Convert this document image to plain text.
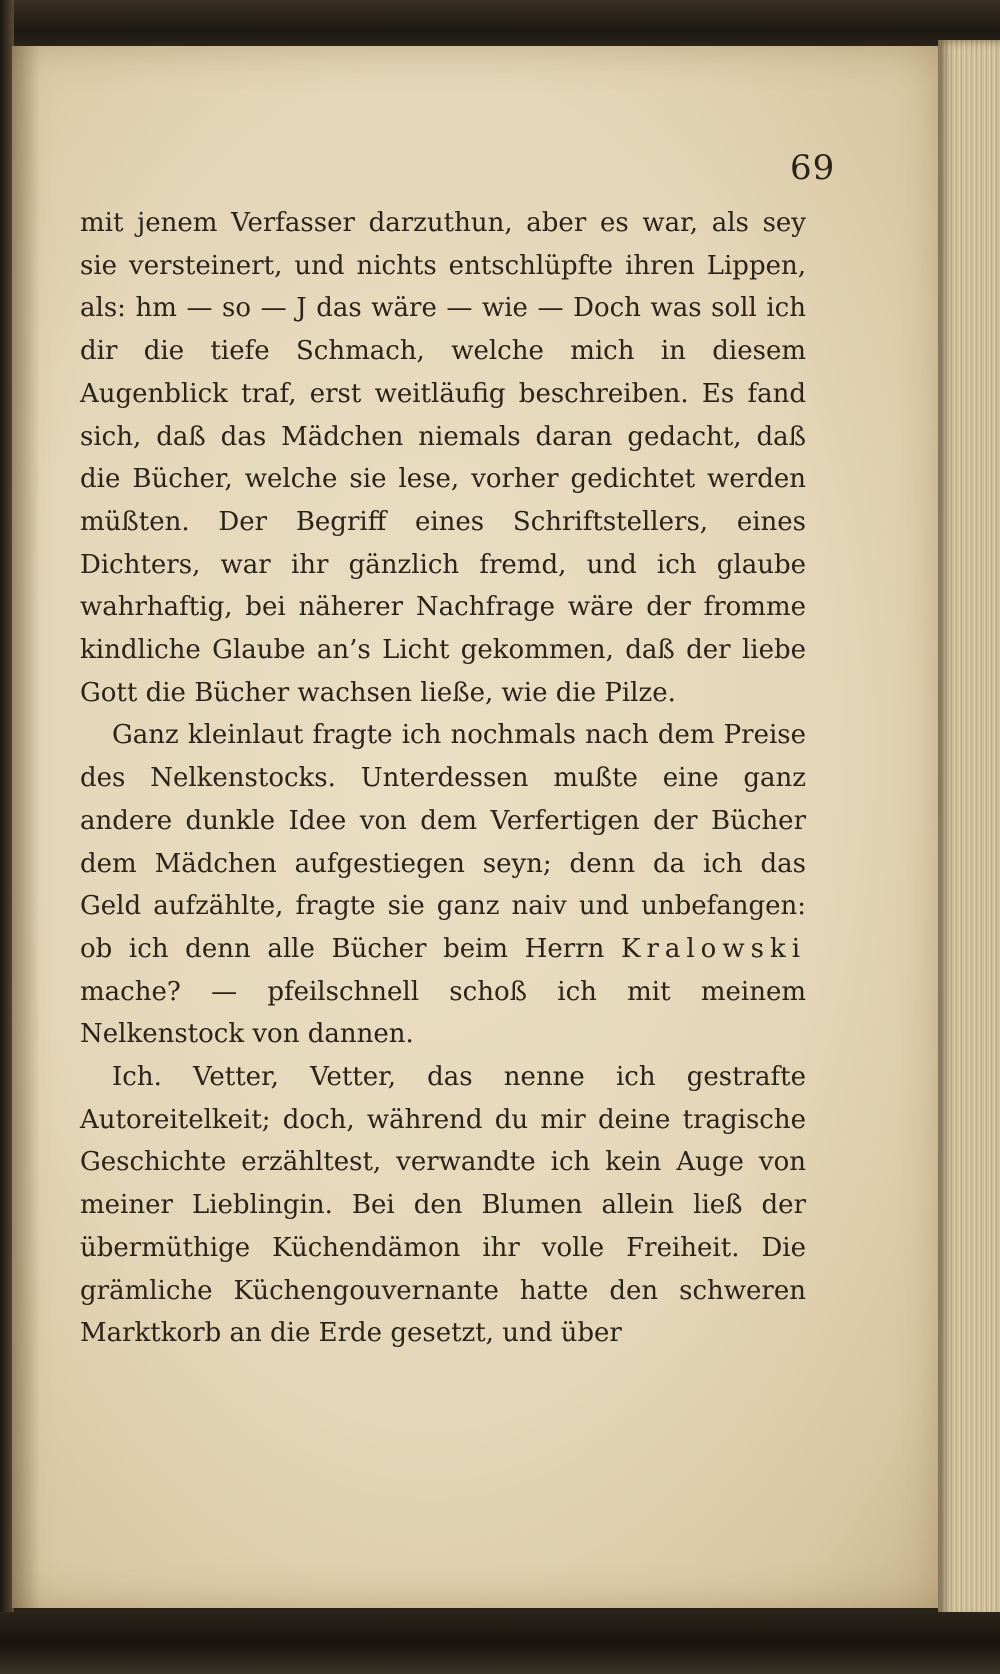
69

mit jenem Verfasser darzuthun, aber es war, als sey sie versteinert, und nichts entschlüpfte ihren Lippen, als: hm — so — J das wäre — wie — Doch was soll ich dir die tiefe Schmach, welche mich in diesem Augenblick traf, erst weitläufig beschreiben. Es fand sich, daß das Mädchen niemals daran gedacht, daß die Bücher, welche sie lese, vorher gedichtet werden müßten. Der Begriff eines Schriftstellers, eines Dichters, war ihr gänzlich fremd, und ich glaube wahrhaftig, bei näherer Nachfrage wäre der fromme kindliche Glaube an’s Licht gekommen, daß der liebe Gott die Bücher wachsen ließe, wie die Pilze.

Ganz kleinlaut fragte ich nochmals nach dem Preise des Nelkenstocks. Unterdessen mußte eine ganz andere dunkle Idee von dem Verfertigen der Bücher dem Mädchen aufgestiegen seyn; denn da ich das Geld aufzählte, fragte sie ganz naiv und unbefangen: ob ich denn alle Bücher beim Herrn Kralowski mache? — pfeilschnell schoß ich mit meinem Nelkenstock von dannen.

Ich. Vetter, Vetter, das nenne ich gestrafte Autoreitelkeit; doch, während du mir deine tragische Geschichte erzähltest, verwandte ich kein Auge von meiner Lieblingin. Bei den Blumen allein ließ der übermüthige Küchendämon ihr volle Freiheit. Die grämliche Küchengouvernante hatte den schweren Marktkorb an die Erde gesetzt, und über
